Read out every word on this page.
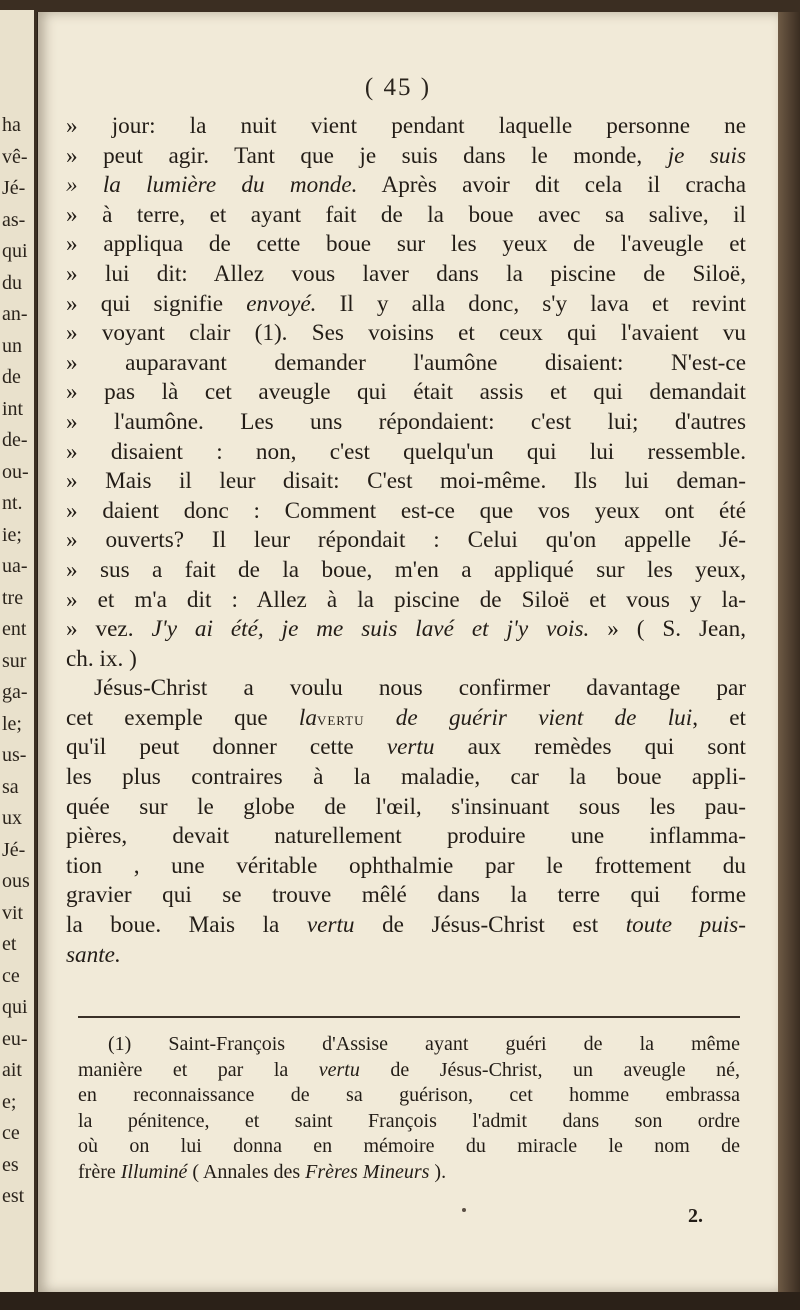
ha
vê-
Jé-
as-
qui
du
an-
un
de
int
de-
ou-
nt.
ie;
ua-
tre
ent
sur
ga-
le;
us-
sa
ux
Jé-
ous
vit
et
ce
qui
eu-
ait
e;
ce
es
est
( 45 )
» jour: la nuit vient pendant laquelle personne ne
» peut agir. Tant que je suis dans le monde, je suis
» la lumière du monde. Après avoir dit cela il cracha
» à terre, et ayant fait de la boue avec sa salive, il
» appliqua de cette boue sur les yeux de l'aveugle et
» lui dit: Allez vous laver dans la piscine de Siloë,
» qui signifie envoyé. Il y alla donc, s'y lava et revint
» voyant clair (1). Ses voisins et ceux qui l'avaient vu
» auparavant demander l'aumône disaient: N'est-ce
» pas là cet aveugle qui était assis et qui demandait
» l'aumône. Les uns répondaient: c'est lui; d'autres
» disaient : non, c'est quelqu'un qui lui ressemble.
» Mais il leur disait: C'est moi-même. Ils lui deman-
» daient donc : Comment est-ce que vos yeux ont été
» ouverts? Il leur répondait : Celui qu'on appelle Jé-
» sus a fait de la boue, m'en a appliqué sur les yeux,
» et m'a dit : Allez à la piscine de Siloë et vous y la-
» vez. J'y ai été, je me suis lavé et j'y vois. » ( S. Jean,
ch. ix. )
Jésus-Christ a voulu nous confirmer davantage par
cet exemple que lavertu de guérir vient de lui, et
qu'il peut donner cette vertu aux remèdes qui sont
les plus contraires à la maladie, car la boue appli-
quée sur le globe de l'œil, s'insinuant sous les pau-
pières, devait naturellement produire une inflamma-
tion , une véritable ophthalmie par le frottement du
gravier qui se trouve mêlé dans la terre qui forme
la boue. Mais la vertu de Jésus-Christ est toute puis-
sante.
(1) Saint-François d'Assise ayant guéri de la même
manière et par la vertu de Jésus-Christ, un aveugle né,
en reconnaissance de sa guérison, cet homme embrassa
la pénitence, et saint François l'admit dans son ordre
où on lui donna en mémoire du miracle le nom de
frère Illuminé ( Annales des Frères Mineurs ).
2.
